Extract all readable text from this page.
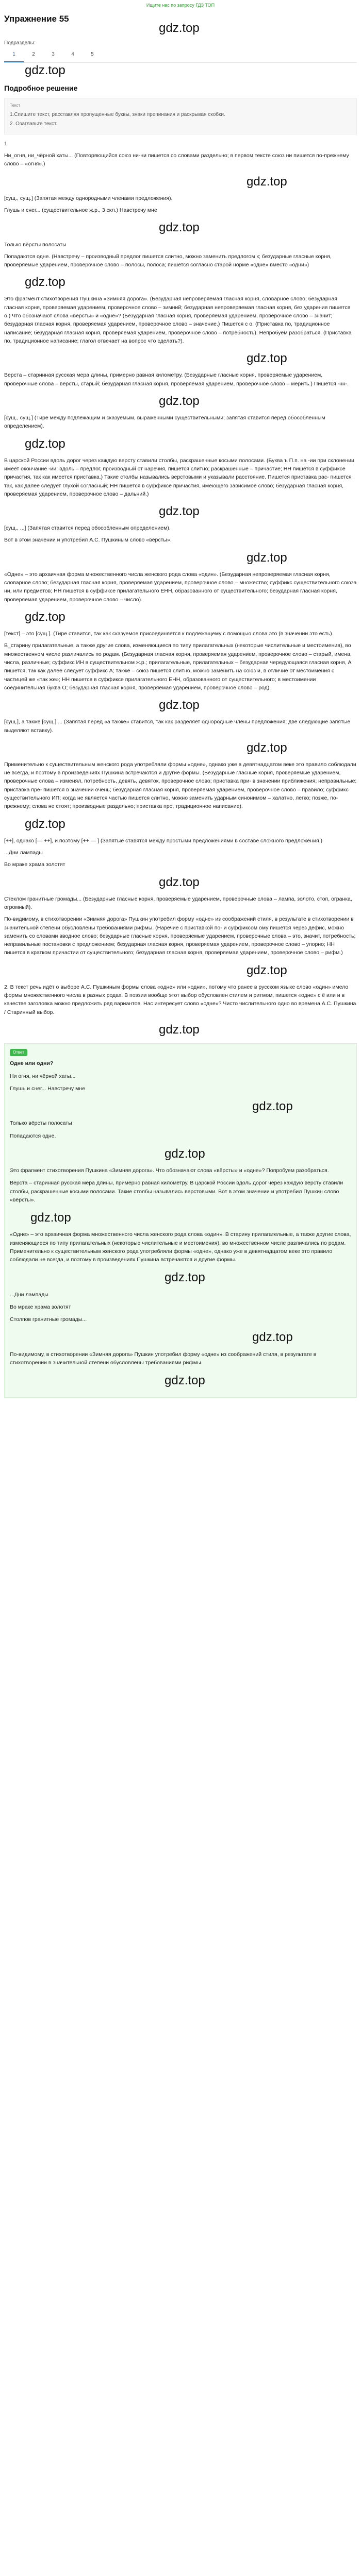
Ищите нас по запросу ГДЗ ТОП
Упражнение 55
gdz.top
Подразделы:
1	2	3	4	5
gdz.top
Подробное решение
Текст

1.Спишите текст, расставляя пропущенные буквы, знаки препинания и раскрывая скобки.

2. Озаглавьте текст.

1.
Ни_огня, ни_чёрной хаты... (Повторяющийся союз ни-ни пишется со словами раздельно; в первом тексте союз ни пишется по-прежнему слово – «огня».)
gdz.top
[сущ., сущ.] (Запятая между однородными членами предложения).
Глушь и снег... (существительное ж.р., 3 скл.) Навстречу мне
gdz.top
Только вёрсты полосаты
Попадаются одне. (Навстречу – производный предлог пишется слитно, можно заменить предлогом к; безударные гласные корня, проверяемые ударением, проверочное слово – полосы, полоса; пишется согласно старой норме «одне» вместо «одни»)
gdz.top
Это фрагмент стихотворения Пушкина «Зимняя дорога». (Безударная непроверяемая гласная корня, словарное слово; безударная гласная корня, проверяемая ударением, проверочное слово – зимний; безударная непроверяемая гласная корня, без ударения пишется о.) Что обозначают слова «вёрсты» и «одне»? (Безударная гласная корня, проверяемая ударением, проверочное слово – значит; безударная гласная корня, проверяемая ударением, проверочное слово – значение.) Пишется с о. (Приставка по, традиционное написание; безударная гласная корня, проверяемая ударением, проверочное слово – потребность). Непробуем разобраться. (Приставка по, традиционное написание; глагол отвечает на вопрос что сделать?).
gdz.top
Верста – старинная русская мера длины, примерно равная километру. (Безударные гласные корня, проверяемые ударением, проверочные слова – вёрсты, старый; безударная гласная корня, проверяемая ударением, проверочное слово – мерить.) Пишется -нн-.
gdz.top
[сущ., сущ.] (Тире между подлежащим и сказуемым, выраженными существительными; запятая ставится перед обособленным определением).
gdz.top
В царской России вдоль дорог через каждую версту ставили столбы, раскрашенные косыми полосами. (Буква ъ П.п. на -ии при склонении имеет окончание -ии: вдоль – предлог, производный от наречия, пишется слитно; раскрашенные – причастие; НН пишется в суффиксе причастия, так как имеется приставка.) Такие столбы назывались верстовыми и указывали расстояние. Пишется приставка рас- пишется так, как далее следует глухой согласный; НН пишется в суффиксе причастия, имеющего зависимое слово; безударная гласная корня, проверяемая ударением, проверочное слово – дальний.)
gdz.top
[сущ., ...] (Запятая ставится перед обособленным определением).
Вот в этом значении и употребил А.С. Пушкиным слово «вёрсты».
gdz.top
«Одне» – это архаичная форма множественного числа женского рода слова «один». (Безударная непроверяемая гласная корня, словарное слово; безударная гласная корня, проверяемая ударением, проверочное слово – множество; суффикс существительного союза ни, или предметов; НН пишется в суффиксе прилагательного ЕНН, образованного от существительного; безударная гласная корня, проверяемая ударением, проверочное слово – число).
gdz.top
[текст] – это [сущ.]. (Тире ставится, так как сказуемое присоединяется к подлежащему с помощью слова это (в значении это есть).
В_старину прилагательные, а также другие слова, изменяющиеся по типу прилагательных (некоторые числительные и местоимения), во множественном числе различались по родам. (Безударная гласная корня, проверяемая ударением, проверочное слово – старый, имена, числа, различные; суффикс ИН в существительном ж.р.; прилагательные, прилагательных – безударная чередующаяся гласная корня, А пишется, так как далее следует суффикс А; также – союз пишется слитно, можно заменить на союз и, в отличие от местоимения с частицей же «так же»; НН пишется в суффиксе прилагательного ЕНН, образованного от существительного; в местоимении соединительная буква О; безударная гласная корня, проверяемая ударением, проверочное слово – род).
gdz.top
[сущ.], а также [сущ.] ... (Запятая перед «а также» ставится, так как разделяет однородные члены предложения; две следующие запятые выделяют вставку).
gdz.top
Применительно к существительным женского рода употребляли формы «одне», однако уже в девятнадцатом веке это правило соблюдали не всегда, и поэтому в произведениях Пушкина встречаются и другие формы. (Безударные гласные корня, проверяемые ударением, проверочные слова – изменял, потребность, девять, девяток, проверочное слово; приставка при- в значении приближения; неправильные; приставка пре- пишется в значении очень; безударная гласная корня, проверяемая ударением, проверочное слово – правило; суффикс существительного ИП; когда не является частью пишется слитно, можно заменить ударным синонимом – халатно, легко; позже, по-прежнему; слова не стоят; производные раздельно; приставка про, традиционное написание).
gdz.top
[++], однако [— ++], и поэтому [++ — ] (Запятые ставятся между простыми предложениями в составе сложного предложения.)
...Дни лампады
Во мраке храма золотят
gdz.top
Стеклом гранитные громады... (Безударные гласные корня, проверяемые ударением, проверочные слова – лампа, золото, стоп, огранка, огромный).
По-видимому, в стихотворении «Зимняя дорога» Пушкин употребил форму «одне» из соображений стиля, в результате в стихотворении в значительной степени обусловлены требованиями рифмы. (Наречие с приставкой по- и суффиксом ому пишется через дефис, можно заменить со словами вводное слово; безударные гласные корня, проверяемые ударением, проверочные слова – это, значит, потребность; неправильные постановки с предложением; безударная гласная корня, проверяемая ударением, проверочное слово – упорно; НН пишется в кратком причастии от существительного; безударная гласная корня, проверяемая ударением, проверочное слово – рифм.)
gdz.top
2. В текст речь идёт о выборе А.С. Пушкиным формы слова «одне» или «одни», потому что ранее в русском языке слово «один» имело формы множественного числа в разных родах. В поэзии вообще этот выбор обусловлен стилем и ритмом, пишется «одне» с ё или и в качестве заголовка можно предложить ряд вариантов. Нас интересует слово «одне»? Чисто числительного одно во времена А.С. Пушкина / Старинный выбор.
gdz.top
Ответ
Одне или одни?
Ни огня, ни чёрной хаты...
Глушь и снег... Навстречу мне
gdz.top
Только вёрсты полосаты
Попадаются одне.
gdz.top
Это фрагмент стихотворения Пушкина «Зимняя дорога». Что обозначают слова «вёрсты» и «одне»? Попробуем разобраться.
Верста – старинная русская мера длины, примерно равная километру. В царской России вдоль дорог через каждую версту ставили столбы, раскрашенные косыми полосами. Такие столбы назывались верстовыми. Вот в этом значении и употребил Пушкин слово «вёрсты».
gdz.top
«Одне» – это архаичная форма множественного числа женского рода слова «один». В старину прилагательные, а также другие слова, изменяющиеся по типу прилагательных (некоторые числительные и местоимения), во множественном числе различались по родам. Применительно к существительным женского рода употребляли формы «одне», однако уже в девятнадцатом веке это правило соблюдали не всегда, и поэтому в произведениях Пушкина встречаются и другие формы.
gdz.top
...Дни лампады
Во мраке храма золотят
Столпов гранитные громады...
gdz.top
По-видимому, в стихотворении «Зимняя дорога» Пушкин употребил форму «одне» из соображений стиля, в результате в стихотворении в значительной степени обусловлены требованиями рифмы.
gdz.top
